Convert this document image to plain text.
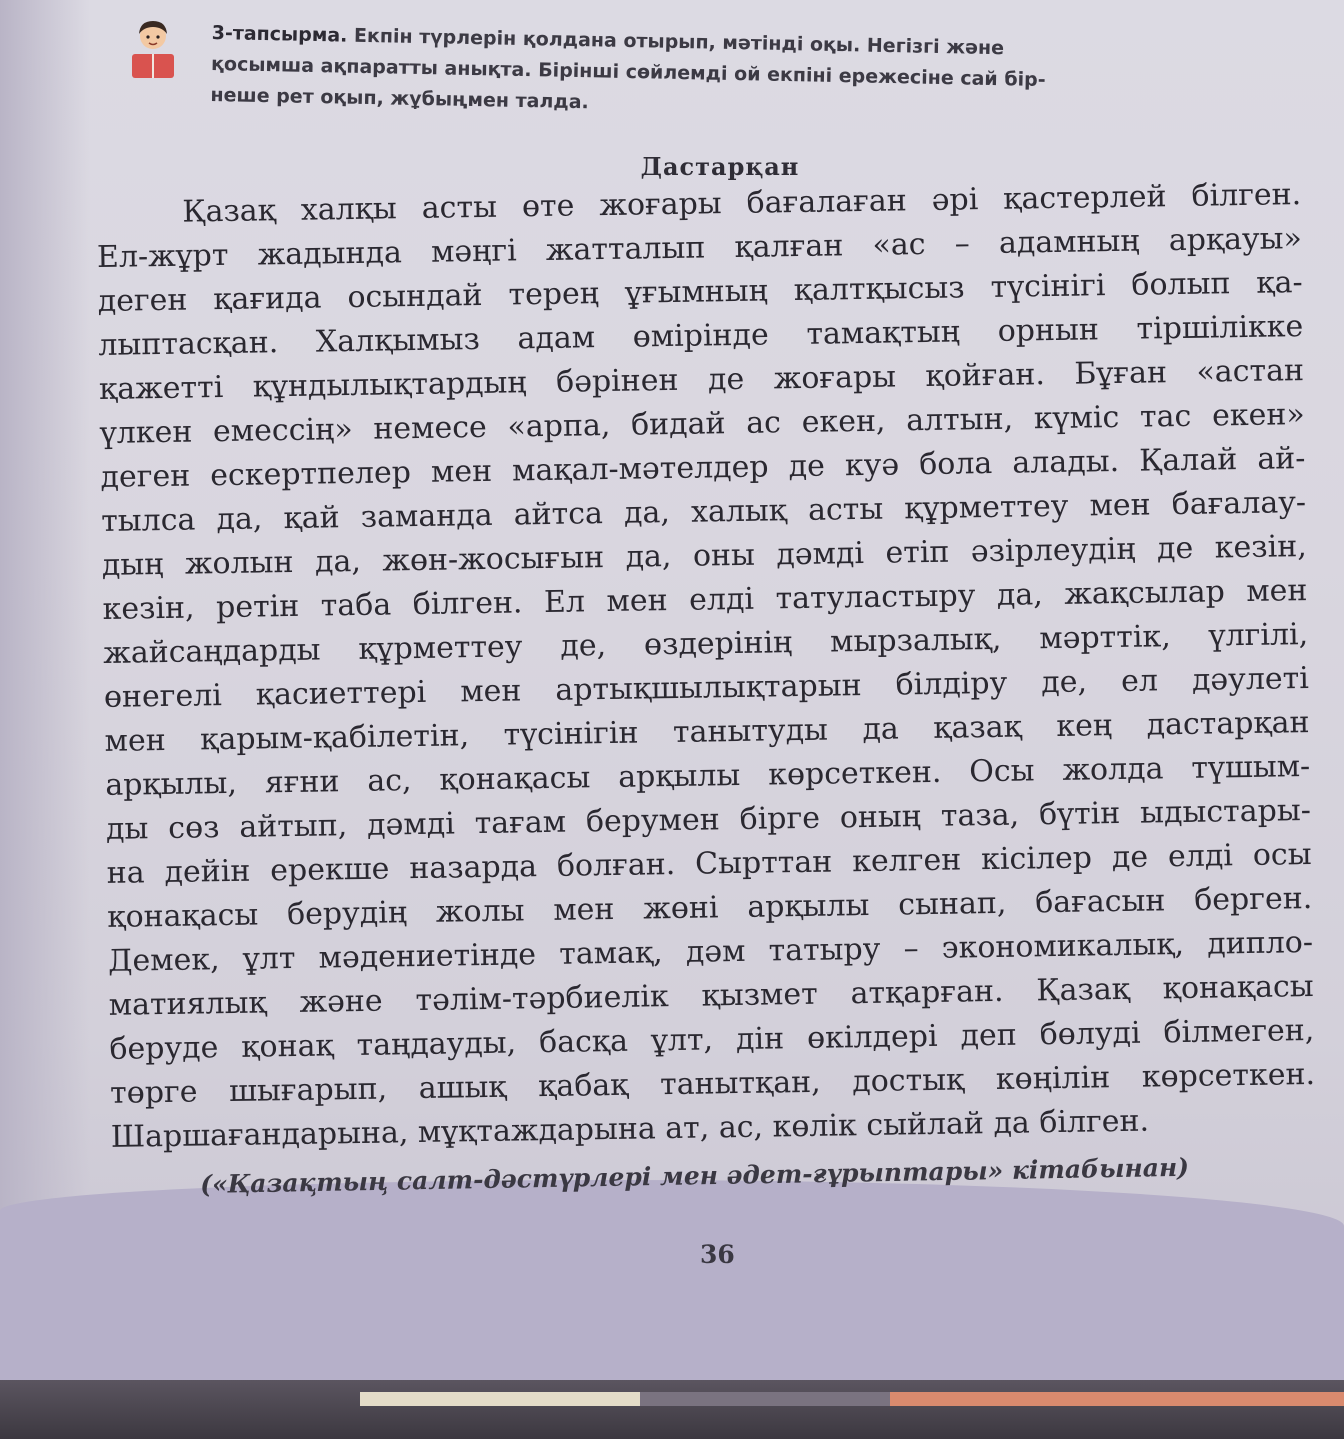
3-тапсырма. Екпін түрлерін қолдана отырып, мәтінді оқы. Негізгі және
қосымша ақпаратты анықта. Бірінші сөйлемді ой екпіні ережесіне сай бір-
неше рет оқып, жұбыңмен талда.
Дастарқан
Қазақ халқы асты өте жоғары бағалаған әрі қастерлей білген.
Ел-жұрт жадында мәңгі жатталып қалған «ас – адамның арқауы»
деген қағида осындай терең ұғымның қалтқысыз түсінігі болып қа-
лыптасқан. Халқымыз адам өмірінде тамақтың орнын тіршілікке
қажетті құндылықтардың бәрінен де жоғары қойған. Бұған «астан
үлкен емессің» немесе «арпа, бидай ас екен, алтын, күміс тас екен»
деген ескертпелер мен мақал-мәтелдер де куә бола алады. Қалай ай-
тылса да, қай заманда айтса да, халық асты құрметтеу мен бағалау-
дың жолын да, жөн-жосығын да, оны дәмді етіп әзірлеудің де кезін,
кезін, ретін таба білген. Ел мен елді татуластыру да, жақсылар мен
жайсаңдарды құрметтеу де, өздерінің мырзалық, мәрттік, үлгілі,
өнегелі қасиеттері мен артықшылықтарын білдіру де, ел дәулеті
мен қарым-қабілетін, түсінігін танытуды да қазақ кең дастарқан
арқылы, яғни ас, қонақасы арқылы көрсеткен. Осы жолда түшым-
ды сөз айтып, дәмді тағам берумен бірге оның таза, бүтін ыдыстары-
на дейін ерекше назарда болған. Сырттан келген кісілер де елді осы
қонақасы берудің жолы мен жөні арқылы сынап, бағасын берген.
Демек, ұлт мәдениетінде тамақ, дәм татыру – экономикалық, дипло-
матиялық және тәлім-тәрбиелік қызмет атқарған. Қазақ қонақасы
беруде қонақ таңдауды, басқа ұлт, дін өкілдері деп бөлуді білмеген,
төрге шығарып, ашық қабақ танытқан, достық көңілін көрсеткен.
Шаршағандарына, мұқтаждарына ат, ас, көлік сыйлай да білген.
(«Қазақтың салт-дәстүрлері мен әдет-ғұрыптары» кітабынан)
36
